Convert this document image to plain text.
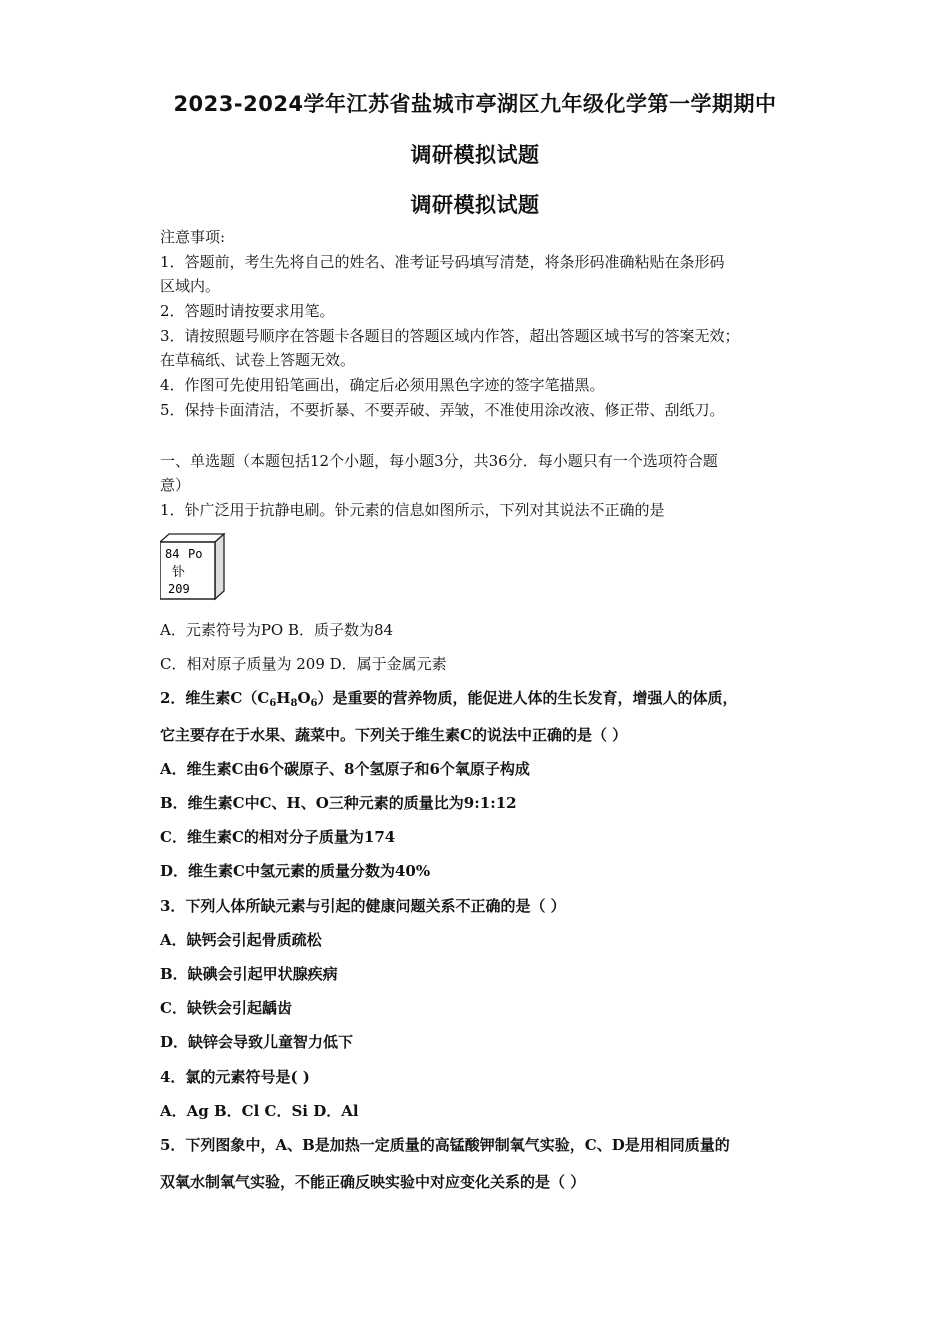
2023-2024学年江苏省盐城市亭湖区九年级化学第一学期期中
调研模拟试题
调研模拟试题
注意事项:
1．答题前，考生先将自己的姓名、准考证号码填写清楚，将条形码准确粘贴在条形码
区域内。
2．答题时请按要求用笔。
3．请按照题号顺序在答题卡各题目的答题区域内作答，超出答题区域书写的答案无效；
在草稿纸、试卷上答题无效。
4．作图可先使用铅笔画出，确定后必须用黑色字迹的签字笔描黑。
5．保持卡面清洁，不要折暴、不要弄破、弄皱，不准使用涂改液、修正带、刮纸刀。
一、单选题（本题包括12个小题，每小题3分，共36分．每小题只有一个选项符合题
意）
1．钋广泛用于抗静电刷。钋元素的信息如图所示，下列对其说法不正确的是
84 Po
钋
209
A．元素符号为PO B．质子数为84
C．相对原子质量为 209 D．属于金属元素
2．维生素$C(C_6H_8O_6)$是重要的营养物质，能促进人体的生长发育，增强人的体质，
它主要存在于水果、蔬菜中。下列关于维生素C的说法中正确的是（ ）
A．维生素C由6个碳原子、8个氢原子和6个氧原子构成
B．维生素C中C、H、O三种元素的质量比为9:1:12
C．维生素C的相对分子质量为174
D．维生素C中氢元素的质量分数为40%
3．下列人体所缺元素与引起的健康问题关系不正确的是（ ）
A．缺钙会引起骨质疏松
B．缺碘会引起甲状腺疾病
C．缺铁会引起龋齿
D．缺锌会导致儿童智力低下
4．氯的元素符号是( )
A．Ag B．Cl C．Si D．Al
5．下列图象中，A、B是加热一定质量的高锰酸钾制氧气实验，C、D是用相同质量的
双氧水制氧气实验，不能正确反映实验中对应变化关系的是（ ）
